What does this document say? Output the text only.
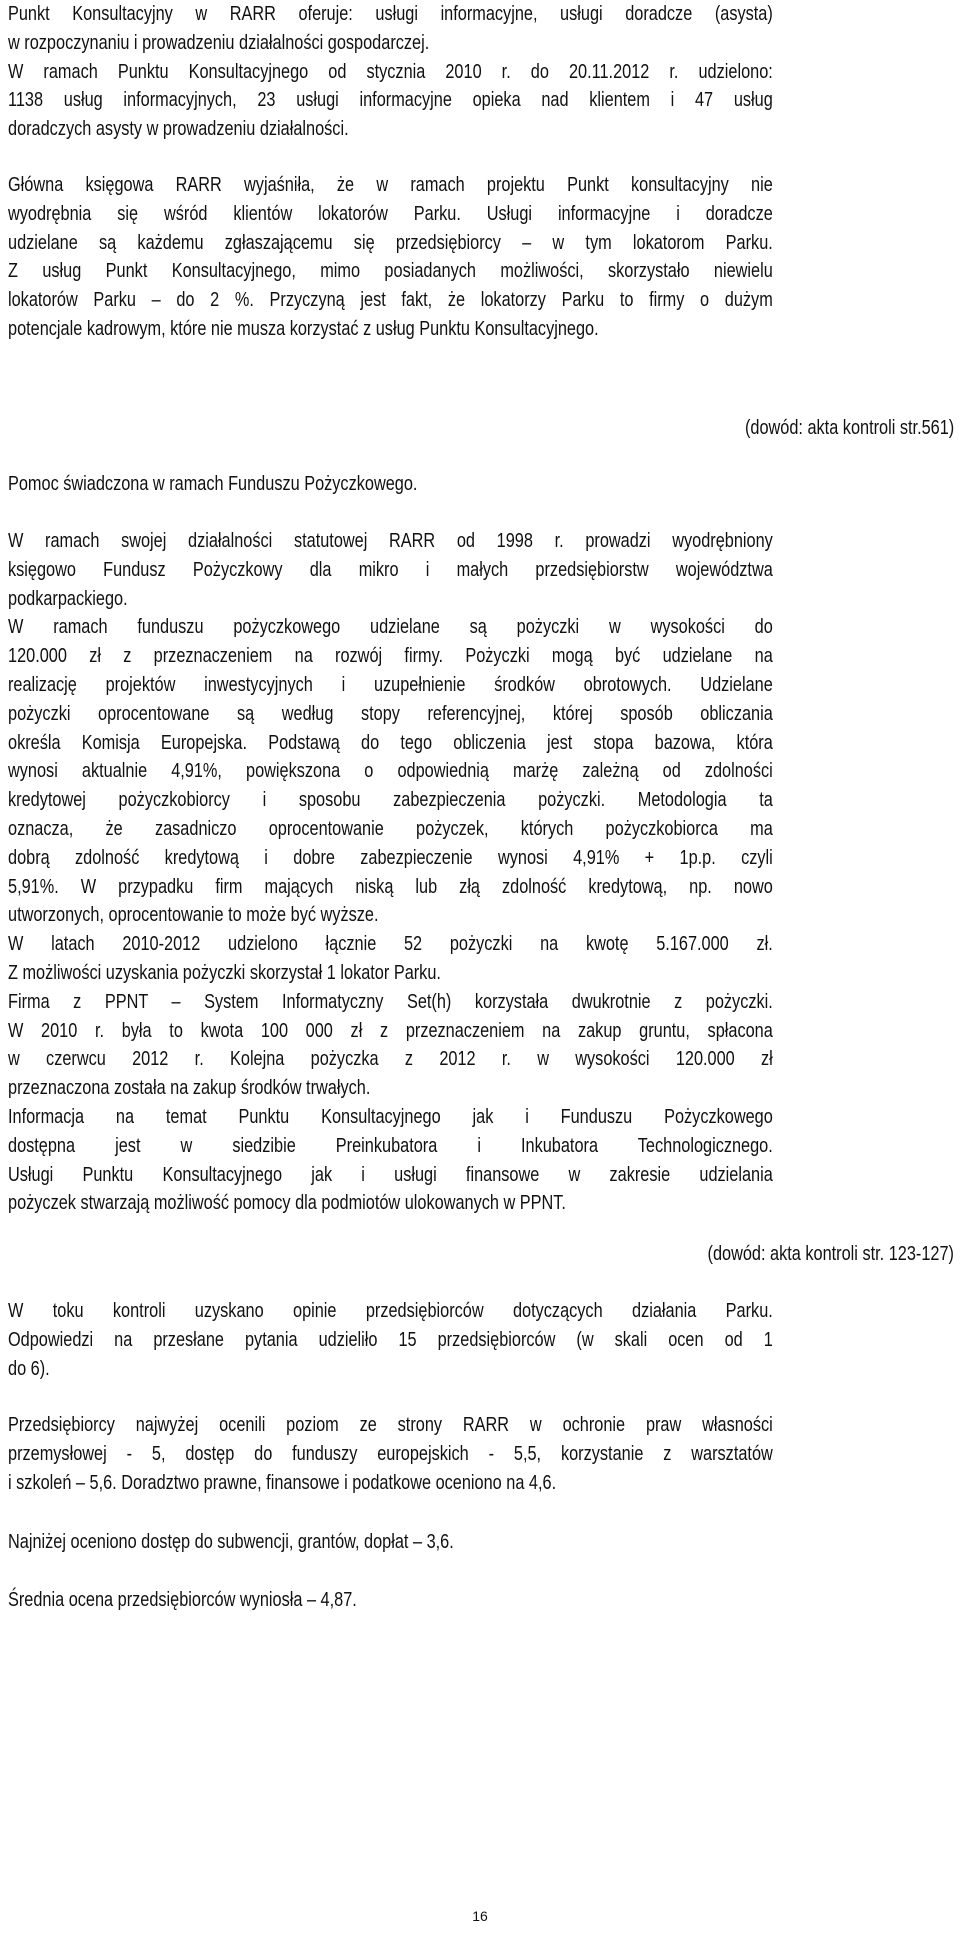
Punkt Konsultacyjny w RARR oferuje: usługi informacyjne, usługi doradcze (asysta)
w rozpoczynaniu i prowadzeniu działalności gospodarczej.
W ramach Punktu Konsultacyjnego od stycznia 2010 r. do 20.11.2012 r. udzielono:
1138 usług informacyjnych, 23 usługi informacyjne opieka nad klientem i 47 usług
doradczych asysty w prowadzeniu działalności.
Główna księgowa RARR wyjaśniła, że w ramach projektu Punkt konsultacyjny nie
wyodrębnia się wśród klientów lokatorów Parku. Usługi informacyjne i doradcze
udzielane są każdemu zgłaszającemu się przedsiębiorcy – w tym lokatorom Parku.
Z usług Punkt Konsultacyjnego, mimo posiadanych możliwości, skorzystało niewielu
lokatorów Parku – do 2 %. Przyczyną jest fakt, że lokatorzy Parku to firmy o dużym
potencjale kadrowym, które nie musza korzystać z usług Punktu Konsultacyjnego.
(dowód: akta kontroli str.561)
Pomoc świadczona w ramach Funduszu Pożyczkowego.
W ramach swojej działalności statutowej RARR od 1998 r. prowadzi wyodrębniony
księgowo Fundusz Pożyczkowy dla mikro i małych przedsiębiorstw województwa
podkarpackiego.
W ramach funduszu pożyczkowego udzielane są pożyczki w wysokości do
120.000 zł z przeznaczeniem na rozwój firmy. Pożyczki mogą być udzielane na
realizację projektów inwestycyjnych i uzupełnienie środków obrotowych. Udzielane
pożyczki oprocentowane są według stopy referencyjnej, której sposób obliczania
określa Komisja Europejska. Podstawą do tego obliczenia jest stopa bazowa, która
wynosi aktualnie 4,91%, powiększona o odpowiednią marżę zależną od zdolności
kredytowej pożyczkobiorcy i sposobu zabezpieczenia pożyczki. Metodologia ta
oznacza, że zasadniczo oprocentowanie pożyczek, których pożyczkobiorca ma
dobrą zdolność kredytową i dobre zabezpieczenie wynosi 4,91% + 1p.p. czyli
5,91%. W przypadku firm mających niską lub złą zdolność kredytową, np. nowo
utworzonych, oprocentowanie to może być wyższe.
W latach 2010-2012 udzielono łącznie 52 pożyczki na kwotę 5.167.000 zł.
Z możliwości uzyskania pożyczki skorzystał 1 lokator Parku.
Firma z PPNT – System Informatyczny Set(h) korzystała dwukrotnie z pożyczki.
W 2010 r. była to kwota 100 000 zł z przeznaczeniem na zakup gruntu, spłacona
w czerwcu 2012 r. Kolejna pożyczka z 2012 r. w wysokości 120.000 zł
przeznaczona została na zakup środków trwałych.
Informacja na temat Punktu Konsultacyjnego jak i Funduszu Pożyczkowego
dostępna jest w siedzibie Preinkubatora i Inkubatora Technologicznego.
Usługi Punktu Konsultacyjnego jak i usługi finansowe w zakresie udzielania
pożyczek stwarzają możliwość pomocy dla podmiotów ulokowanych w PPNT.
(dowód: akta kontroli str. 123-127)
W toku kontroli uzyskano opinie przedsiębiorców dotyczących działania Parku.
Odpowiedzi na przesłane pytania udzieliło 15 przedsiębiorców (w skali ocen od 1
do 6).
Przedsiębiorcy najwyżej ocenili poziom ze strony RARR w ochronie praw własności
przemysłowej - 5, dostęp do funduszy europejskich - 5,5, korzystanie z warsztatów
i szkoleń – 5,6. Doradztwo prawne, finansowe i podatkowe oceniono na 4,6.
Najniżej oceniono dostęp do subwencji, grantów, dopłat – 3,6.
Średnia ocena przedsiębiorców wyniosła – 4,87.
16
